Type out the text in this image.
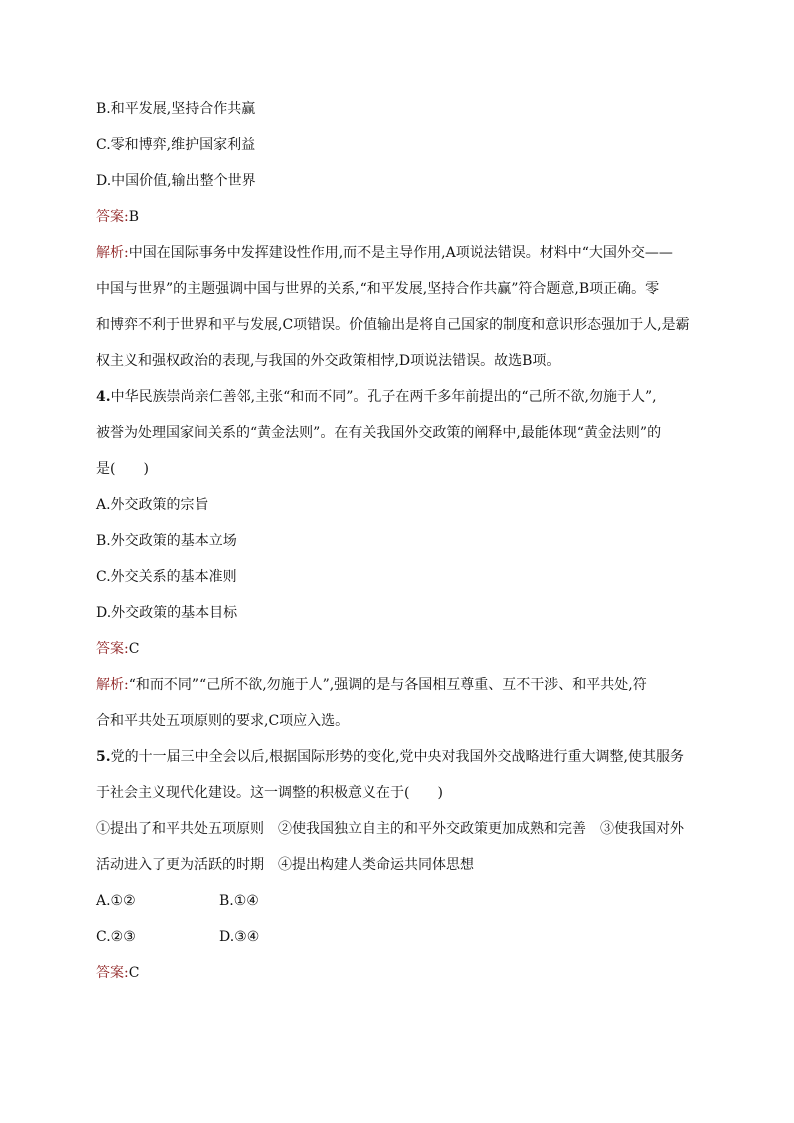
B.和平发展,坚持合作共赢
C.零和博弈,维护国家利益
D.中国价值,输出整个世界
答案:B
解析:中国在国际事务中发挥建设性作用,而不是主导作用,A项说法错误。材料中“大国外交——
中国与世界”的主题强调中国与世界的关系,“和平发展,坚持合作共赢”符合题意,B项正确。零
和博弈不利于世界和平与发展,C项错误。价值输出是将自己国家的制度和意识形态强加于人,是霸
权主义和强权政治的表现,与我国的外交政策相悖,D项说法错误。故选B项。
4.中华民族崇尚亲仁善邻,主张“和而不同”。孔子在两千多年前提出的“己所不欲,勿施于人”,
被誉为处理国家间关系的“黄金法则”。在有关我国外交政策的阐释中,最能体现“黄金法则”的
是(　　)
A.外交政策的宗旨
B.外交政策的基本立场
C.外交关系的基本准则
D.外交政策的基本目标
答案:C
解析:“和而不同”“己所不欲,勿施于人”,强调的是与各国相互尊重、互不干涉、和平共处,符
合和平共处五项原则的要求,C项应入选。
5.党的十一届三中全会以后,根据国际形势的变化,党中央对我国外交战略进行重大调整,使其服务
于社会主义现代化建设。这一调整的积极意义在于(　　)
①提出了和平共处五项原则　②使我国独立自主的和平外交政策更加成熟和完善　③使我国对外
活动进入了更为活跃的时期　④提出构建人类命运共同体思想
A.①②	B.①④
C.②③	D.③④
答案:C
